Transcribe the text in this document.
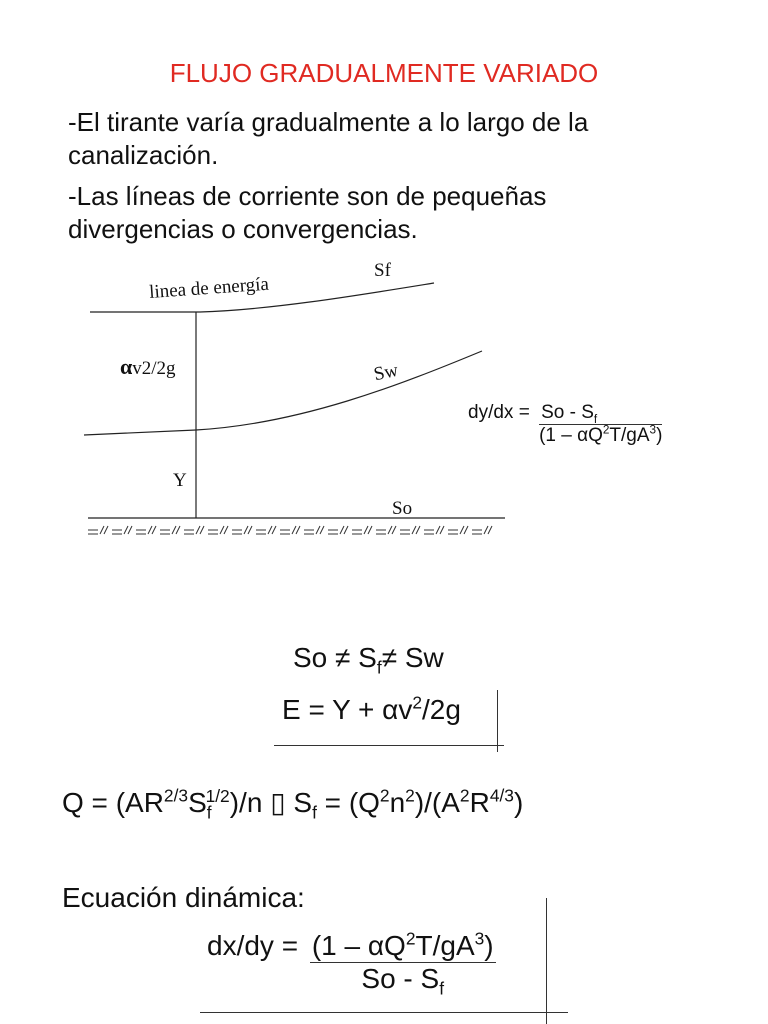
FLUJO GRADUALMENTE VARIADO
-El tirante varía gradualmente a lo largo de la
canalización.
-Las líneas de corriente son de pequeñas
divergencias o convergencias.
linea de energía
Sf
αv2/2g	Sw
Y
So
$dy/dx = \frac{So - S_f}{(1 - \alpha Q^2T/gA^3)}$
$So \ne S_f\ne Sw$
$E = Y + \alpha v^2/2g$
$Q = (AR^{2/3}S_f^{1/2})/n$ ▯ $S_f = (Q^2n^2)/(A^2R^{4/3})$
Ecuación dinámica:
$dx/dy = \frac{(1 - \alpha Q^2T/gA^3)}{So - S_f}$
